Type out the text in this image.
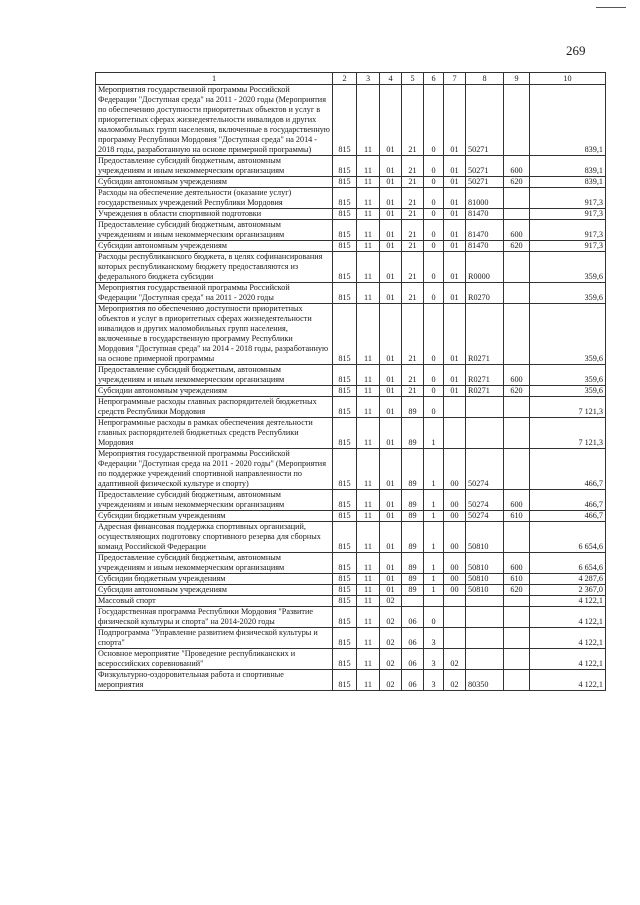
269
1	2	3	4	5	6	7	8	9	10
Мероприятия государственной программы Российской Федерации "Доступная среда" на 2011 - 2020 годы (Мероприятия по обеспечению доступности приоритетных объектов и услуг в приоритетных сферах жизнедеятельности инвалидов и других маломобильных групп населения, включенные в государственную программу Республики Мордовия "Доступная среда" на 2014 - 2018 годы, разработанную на основе примерной программы)	815	11	01	21	0	01	50271		839,1
Предоставление субсидий бюджетным, автономным учреждениям и иным некоммерческим организациям	815	11	01	21	0	01	50271	600	839,1
Субсидии автономным учреждениям	815	11	01	21	0	01	50271	620	839,1
Расходы на обеспечение деятельности (оказание услуг) государственных учреждений Республики Мордовия	815	11	01	21	0	01	81000		917,3
Учреждения в области спортивной подготовки	815	11	01	21	0	01	81470		917,3
Предоставление субсидий бюджетным, автономным учреждениям и иным некоммерческим организациям	815	11	01	21	0	01	81470	600	917,3
Субсидии автономным учреждениям	815	11	01	21	0	01	81470	620	917,3
Расходы республиканского бюджета, в целях софинансирования которых республиканскому бюджету предоставляются из федерального бюджета субсидии	815	11	01	21	0	01	R0000		359,6
Мероприятия государственной программы Российской Федерации "Доступная среда" на 2011 - 2020 годы	815	11	01	21	0	01	R0270		359,6
Мероприятия по обеспечению доступности приоритетных объектов и услуг в приоритетных сферах жизнедеятельности инвалидов и других маломобильных групп населения, включенные в государственную программу Республики Мордовия "Доступная среда" на 2014 - 2018 годы, разработанную на основе примерной программы	815	11	01	21	0	01	R0271		359,6
Предоставление субсидий бюджетным, автономным учреждениям и иным некоммерческим организациям	815	11	01	21	0	01	R0271	600	359,6
Субсидии автономным учреждениям	815	11	01	21	0	01	R0271	620	359,6
Непрограммные расходы главных распорядителей бюджетных средств Республики Мордовия	815	11	01	89	0				7 121,3
Непрограммные расходы в рамках обеспечения деятельности главных распорядителей бюджетных средств Республики Мордовия	815	11	01	89	1				7 121,3
Мероприятия государственной программы Российской Федерации "Доступная среда на 2011 - 2020 годы" (Мероприятия по поддержке учреждений спортивной направленности по адаптивной физической культуре и спорту)	815	11	01	89	1	00	50274		466,7
Предоставление субсидий бюджетным, автономным учреждениям и иным некоммерческим организациям	815	11	01	89	1	00	50274	600	466,7
Субсидии бюджетным учреждениям	815	11	01	89	1	00	50274	610	466,7
Адресная финансовая поддержка спортивных организаций, осуществляющих подготовку спортивного резерва для сборных команд Российской Федерации	815	11	01	89	1	00	50810		6 654,6
Предоставление субсидий бюджетным, автономным учреждениям и иным некоммерческим организациям	815	11	01	89	1	00	50810	600	6 654,6
Субсидии бюджетным учреждениям	815	11	01	89	1	00	50810	610	4 287,6
Субсидии автономным учреждениям	815	11	01	89	1	00	50810	620	2 367,0
Массовый спорт	815	11	02						4 122,1
Государственная программа Республики Мордовия "Развитие физической культуры и спорта" на 2014-2020 годы	815	11	02	06	0				4 122,1
Подпрограмма "Управление развитием физической культуры и спорта"	815	11	02	06	3				4 122,1
Основное мероприятие "Проведение республиканских и всероссийских соревнований"	815	11	02	06	3	02			4 122,1
Физкультурно-оздоровительная работа и спортивные мероприятия	815	11	02	06	3	02	80350		4 122,1
